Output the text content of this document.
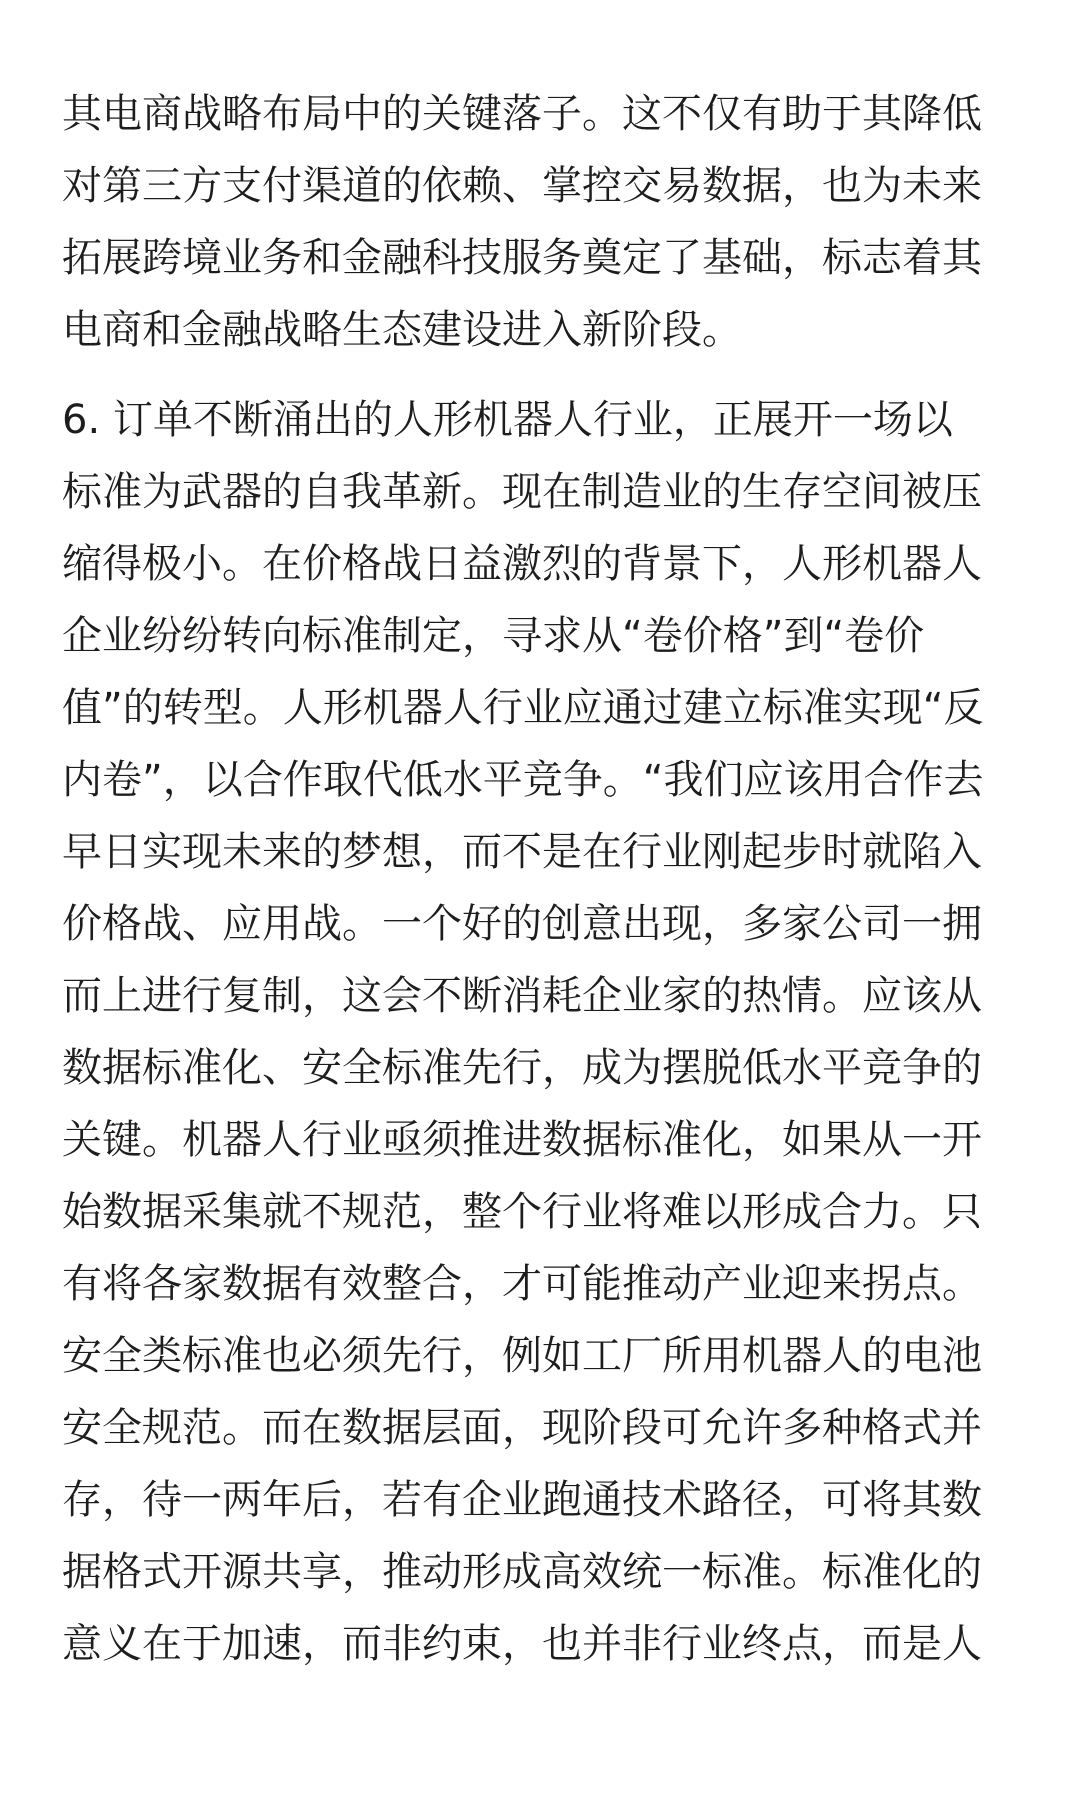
其电商战略布局中的关键落子。这不仅有助于其降低
对第三方支付渠道的依赖、掌控交易数据，也为未来
拓展跨境业务和金融科技服务奠定了基础，标志着其
电商和金融战略生态建设进入新阶段。
6. 订单不断涌出的人形机器人行业，正展开一场以
标准为武器的自我革新。现在制造业的生存空间被压
缩得极小。在价格战日益激烈的背景下，人形机器人
企业纷纷转向标准制定，寻求从“卷价格”到“卷价
值”的转型。人形机器人行业应通过建立标准实现“反
内卷”，以合作取代低水平竞争。“我们应该用合作去
早日实现未来的梦想，而不是在行业刚起步时就陷入
价格战、应用战。一个好的创意出现，多家公司一拥
而上进行复制，这会不断消耗企业家的热情。应该从
数据标准化、安全标准先行，成为摆脱低水平竞争的
关键。机器人行业亟须推进数据标准化，如果从一开
始数据采集就不规范，整个行业将难以形成合力。只
有将各家数据有效整合，才可能推动产业迎来拐点。
安全类标准也必须先行，例如工厂所用机器人的电池
安全规范。而在数据层面，现阶段可允许多种格式并
存，待一两年后，若有企业跑通技术路径，可将其数
据格式开源共享，推动形成高效统一标准。标准化的
意义在于加速，而非约束，也并非行业终点，而是人
